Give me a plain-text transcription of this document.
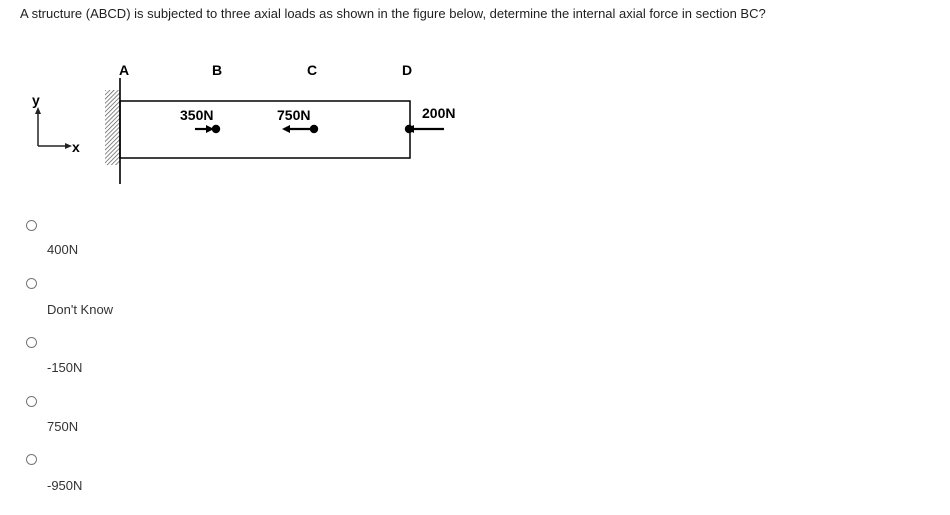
A structure (ABCD) is subjected to three axial loads as shown in the figure below, determine the internal axial force in section BC?
y
x
A	B	C	D
350N	750N	200N
400N
Don't Know
-150N
750N
-950N
